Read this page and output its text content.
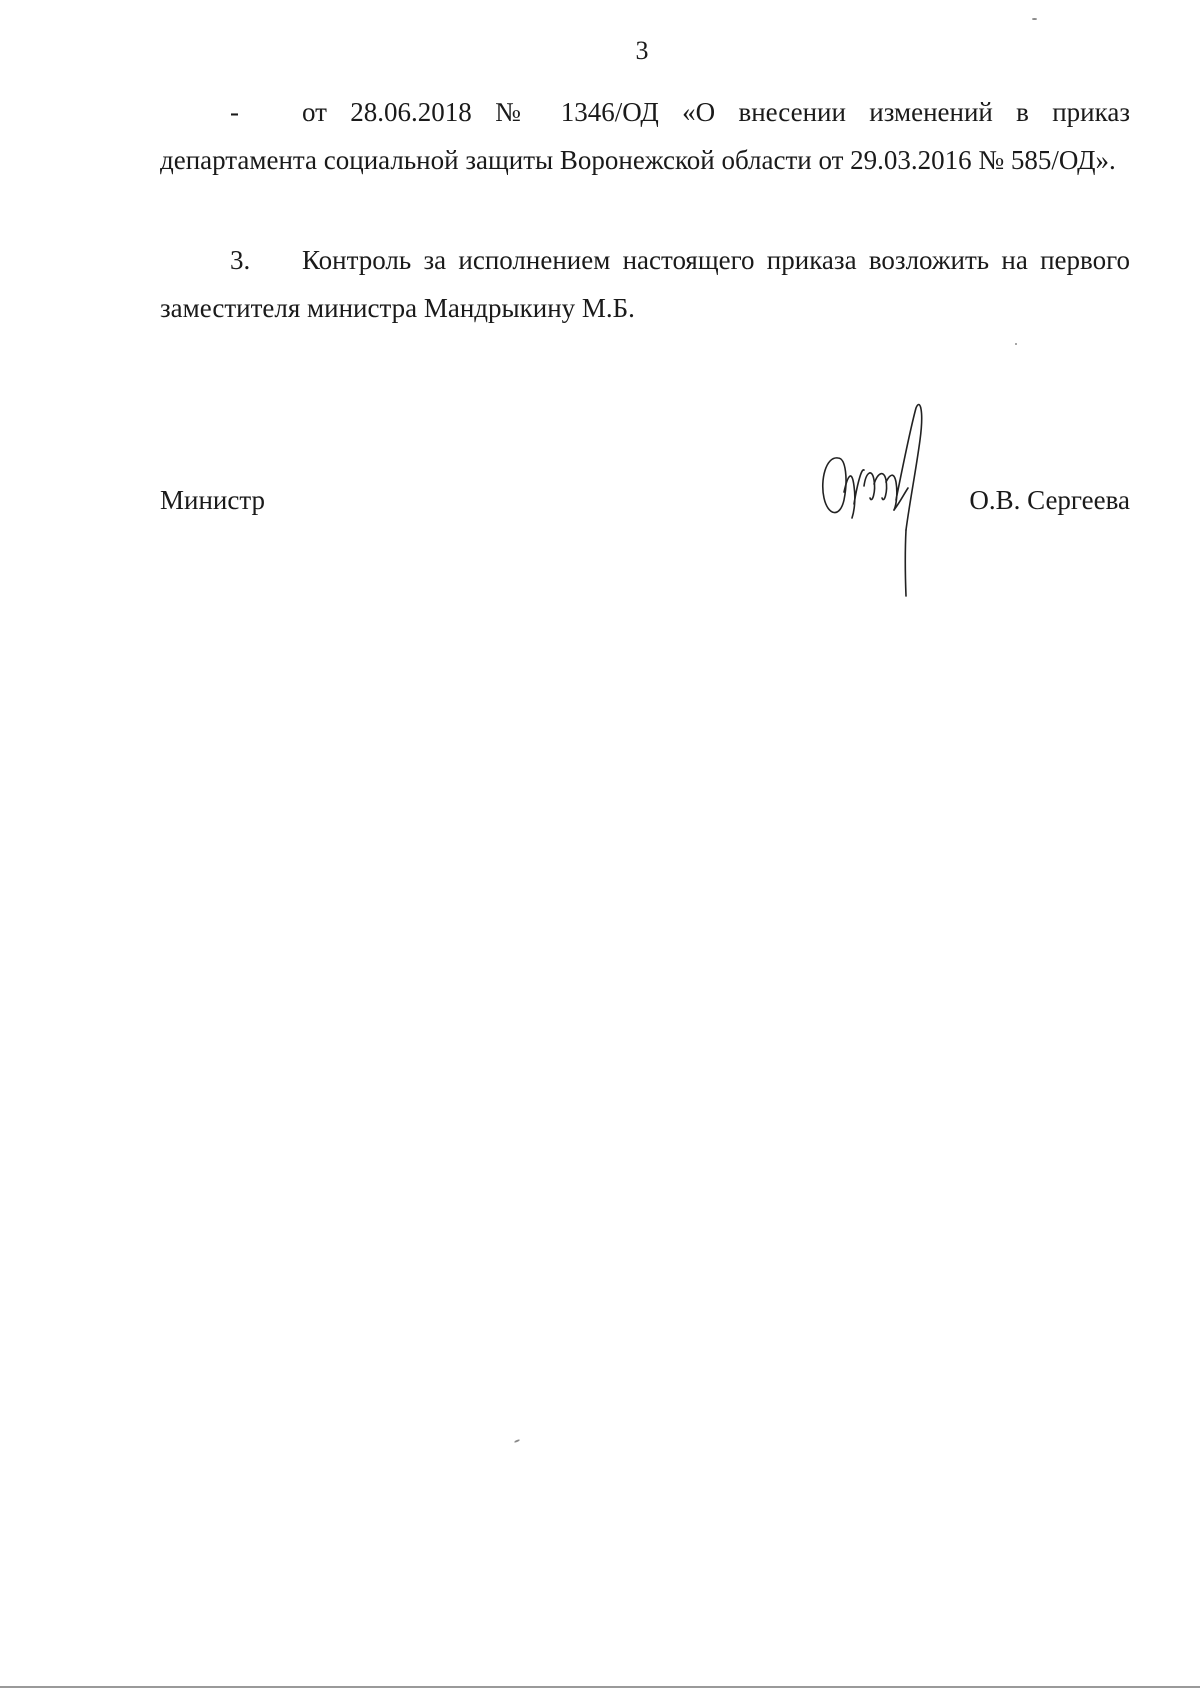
3

- от 28.06.2018 № 1346/ОД «О внесении изменений в приказ департамента социальной защиты Воронежской области от 29.03.2016 № 585/ОД».

3. Контроль за исполнением настоящего приказа возложить на первого заместителя министра Мандрыкину М.Б.

Министр	О.В. Сергеева
